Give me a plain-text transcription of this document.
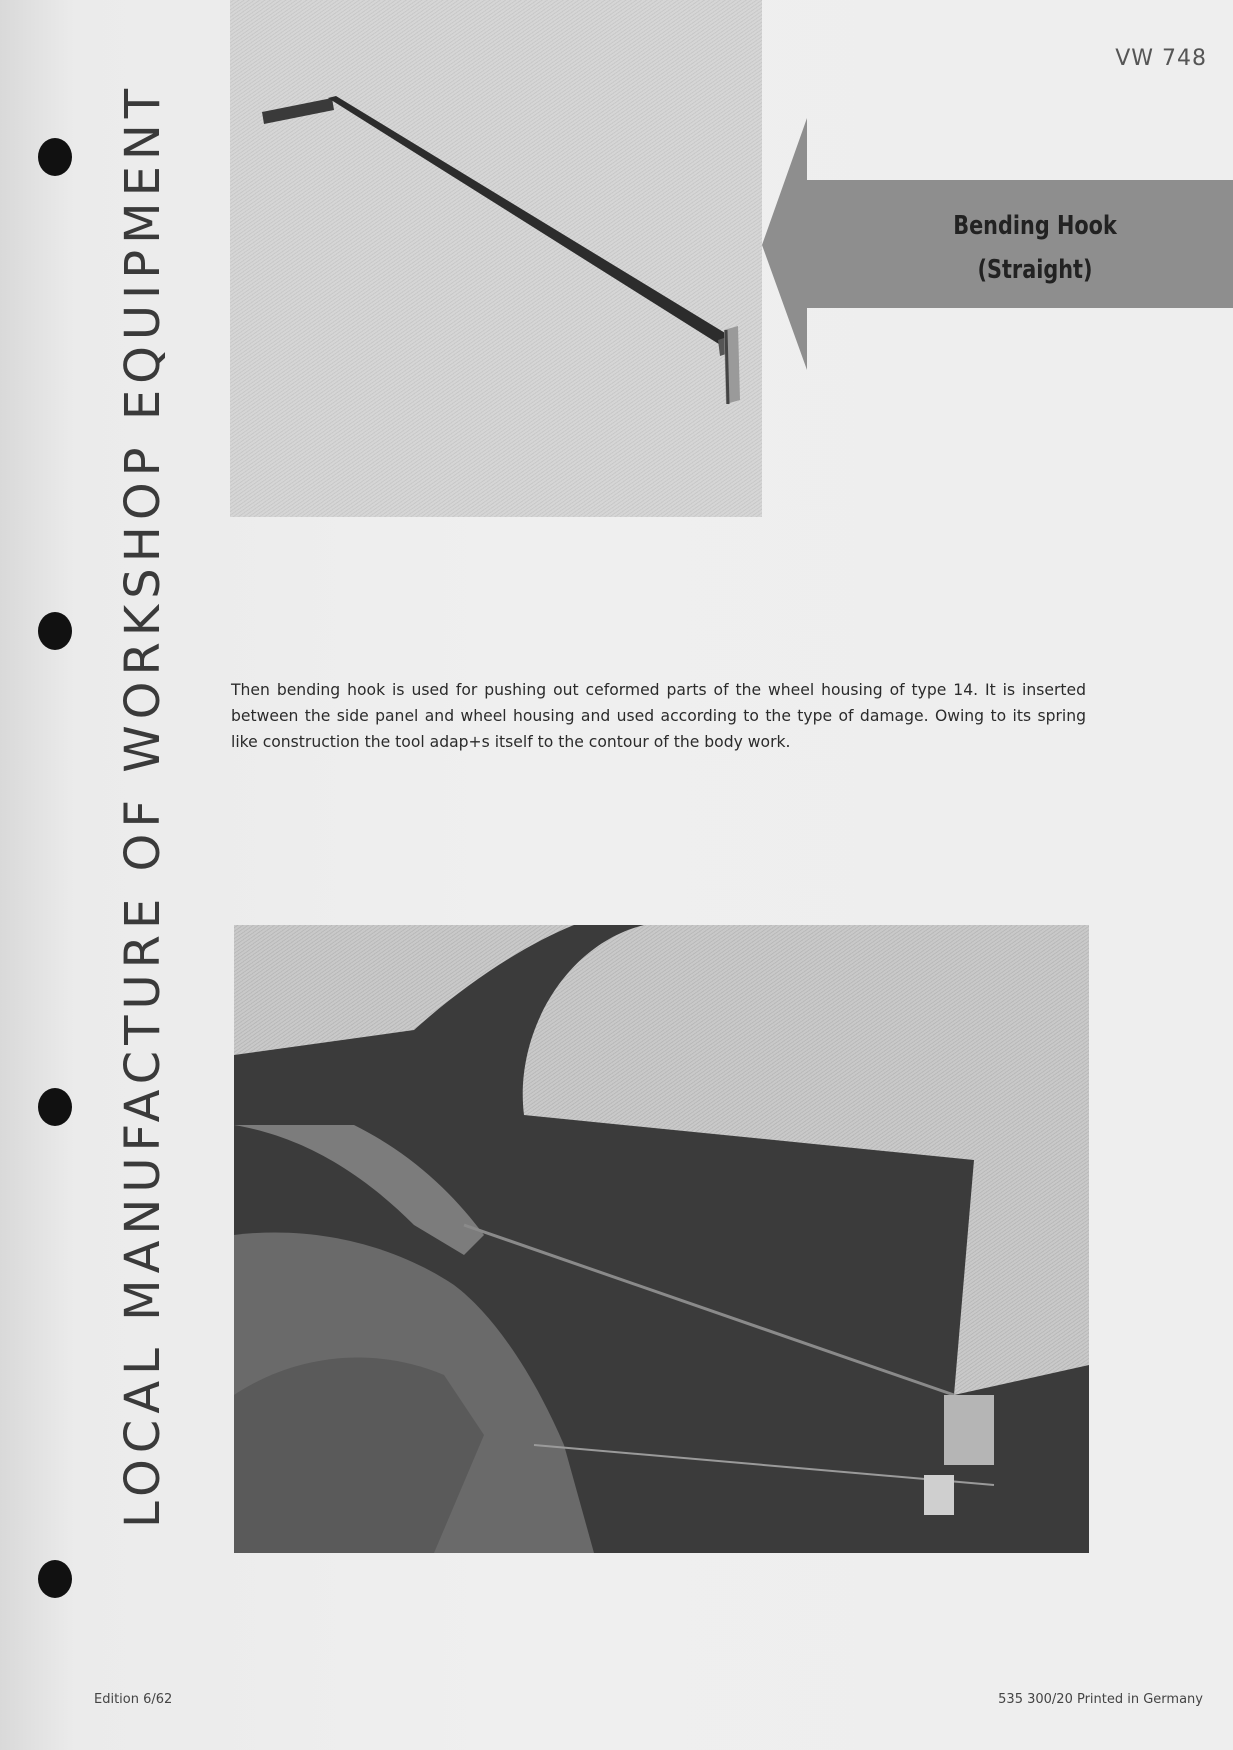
VW 748
LOCAL MANUFACTURE OF WORKSHOP EQUIPMENT	Bending Hook
(Straight)
Then bending hook is used for pushing out ceformed parts of the wheel housing of type 14. It is inserted between the side panel and wheel housing and used according to the type of damage. Owing to its spring like construction the tool adap+s itself to the contour of the body work.
Edition 6/62	535 300/20 Printed in Germany
